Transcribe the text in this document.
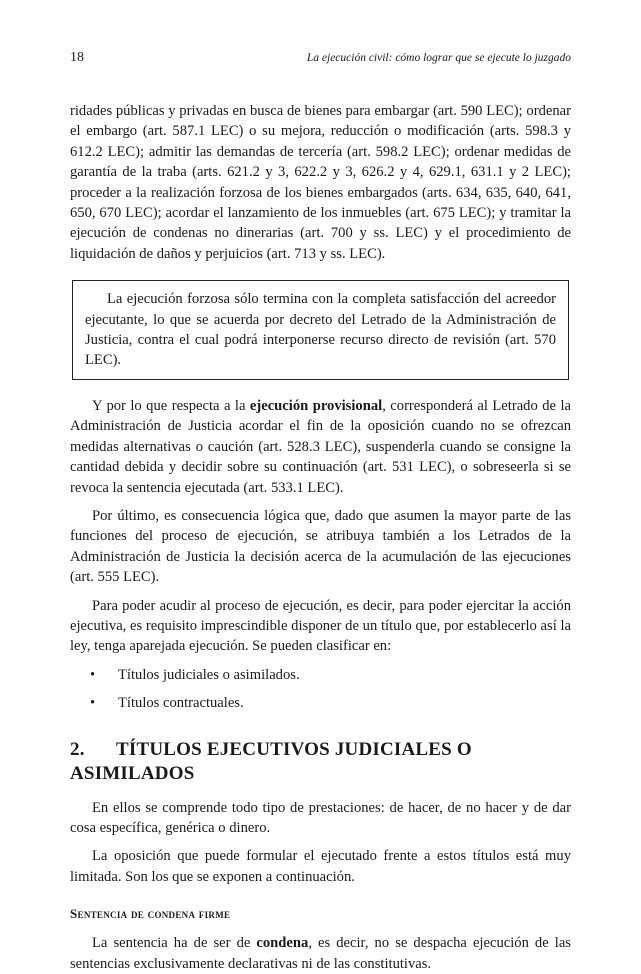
18	La ejecución civil: cómo lograr que se ejecute lo juzgado

ridades públicas y privadas en busca de bienes para embargar (art. 590 LEC); ordenar el embargo (art. 587.1 LEC) o su mejora, reducción o modificación (arts. 598.3 y 612.2 LEC); admitir las demandas de tercería (art. 598.2 LEC); ordenar medidas de garantía de la traba (arts. 621.2 y 3, 622.2 y 3, 626.2 y 4, 629.1, 631.1 y 2 LEC); proceder a la realización forzosa de los bienes embargados (arts. 634, 635, 640, 641, 650, 670 LEC); acordar el lanzamiento de los inmuebles (art. 675 LEC); y tramitar la ejecución de condenas no dinerarias (art. 700 y ss. LEC) y el procedimiento de liquidación de daños y perjuicios (art. 713 y ss. LEC).

La ejecución forzosa sólo termina con la completa satisfacción del acreedor ejecutante, lo que se acuerda por decreto del Letrado de la Administración de Justicia, contra el cual podrá interponerse recurso directo de revisión (art. 570 LEC).

Y por lo que respecta a la ejecución provisional, corresponderá al Letrado de la Administración de Justicia acordar el fin de la oposición cuando no se ofrezcan medidas alternativas o caución (art. 528.3 LEC), suspenderla cuando se consigne la cantidad debida y decidir sobre su continuación (art. 531 LEC), o sobreseerla si se revoca la sentencia ejecutada (art. 533.1 LEC).

Por último, es consecuencia lógica que, dado que asumen la mayor parte de las funciones del proceso de ejecución, se atribuya también a los Letrados de la Administración de Justicia la decisión acerca de la acumulación de las ejecuciones (art. 555 LEC).

Para poder acudir al proceso de ejecución, es decir, para poder ejercitar la acción ejecutiva, es requisito imprescindible disponer de un título que, por establecerlo así la ley, tenga aparejada ejecución. Se pueden clasificar en:

• Títulos judiciales o asimilados.
• Títulos contractuales.
2. TÍTULOS EJECUTIVOS JUDICIALES O ASIMILADOS

En ellos se comprende todo tipo de prestaciones: de hacer, de no hacer y de dar cosa específica, genérica o dinero.

La oposición que puede formular el ejecutado frente a estos títulos está muy limitada. Son los que se exponen a continuación.

Sentencia de condena firme

La sentencia ha de ser de condena, es decir, no se despacha ejecución de las sentencias exclusivamente declarativas ni de las constitutivas.
